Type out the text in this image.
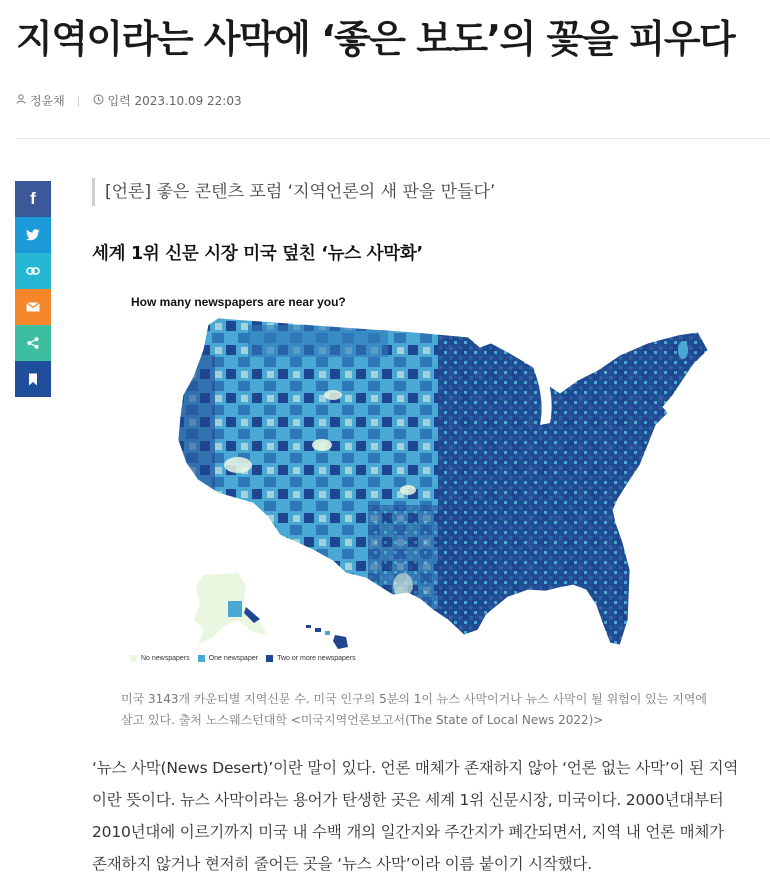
지역이라는 사막에 ‘좋은 보도’의 꽃을 피우다
정윤채 | 입력 2023.10.09 22:03
f	[언론] 좋은 콘텐츠 포럼 ‘지역언론의 새 판을 만들다’
세계 1위 신문 시장 미국 덮친 ‘뉴스 사막화’
How many newspapers are near you?
No newspapers	One newspaper	Two or more newspapers
미국 3143개 카운티별 지역신문 수. 미국 인구의 5분의 1이 뉴스 사막이거나 뉴스 사막이 될 위험이 있는 지역에 살고 있다. 출처 노스웨스턴대학 <미국지역언론보고서(The State of Local News 2022)>

‘뉴스 사막(News Desert)’이란 말이 있다. 언론 매체가 존재하지 않아 ‘언론 없는 사막’이 된 지역이란 뜻이다. 뉴스 사막이라는 용어가 탄생한 곳은 세계 1위 신문시장, 미국이다. 2000년대부터 2010년대에 이르기까지 미국 내 수백 개의 일간지와 주간지가 폐간되면서, 지역 내 언론 매체가 존재하지 않거나 현저히 줄어든 곳을 ‘뉴스 사막’이라 이름 붙이기 시작했다.
